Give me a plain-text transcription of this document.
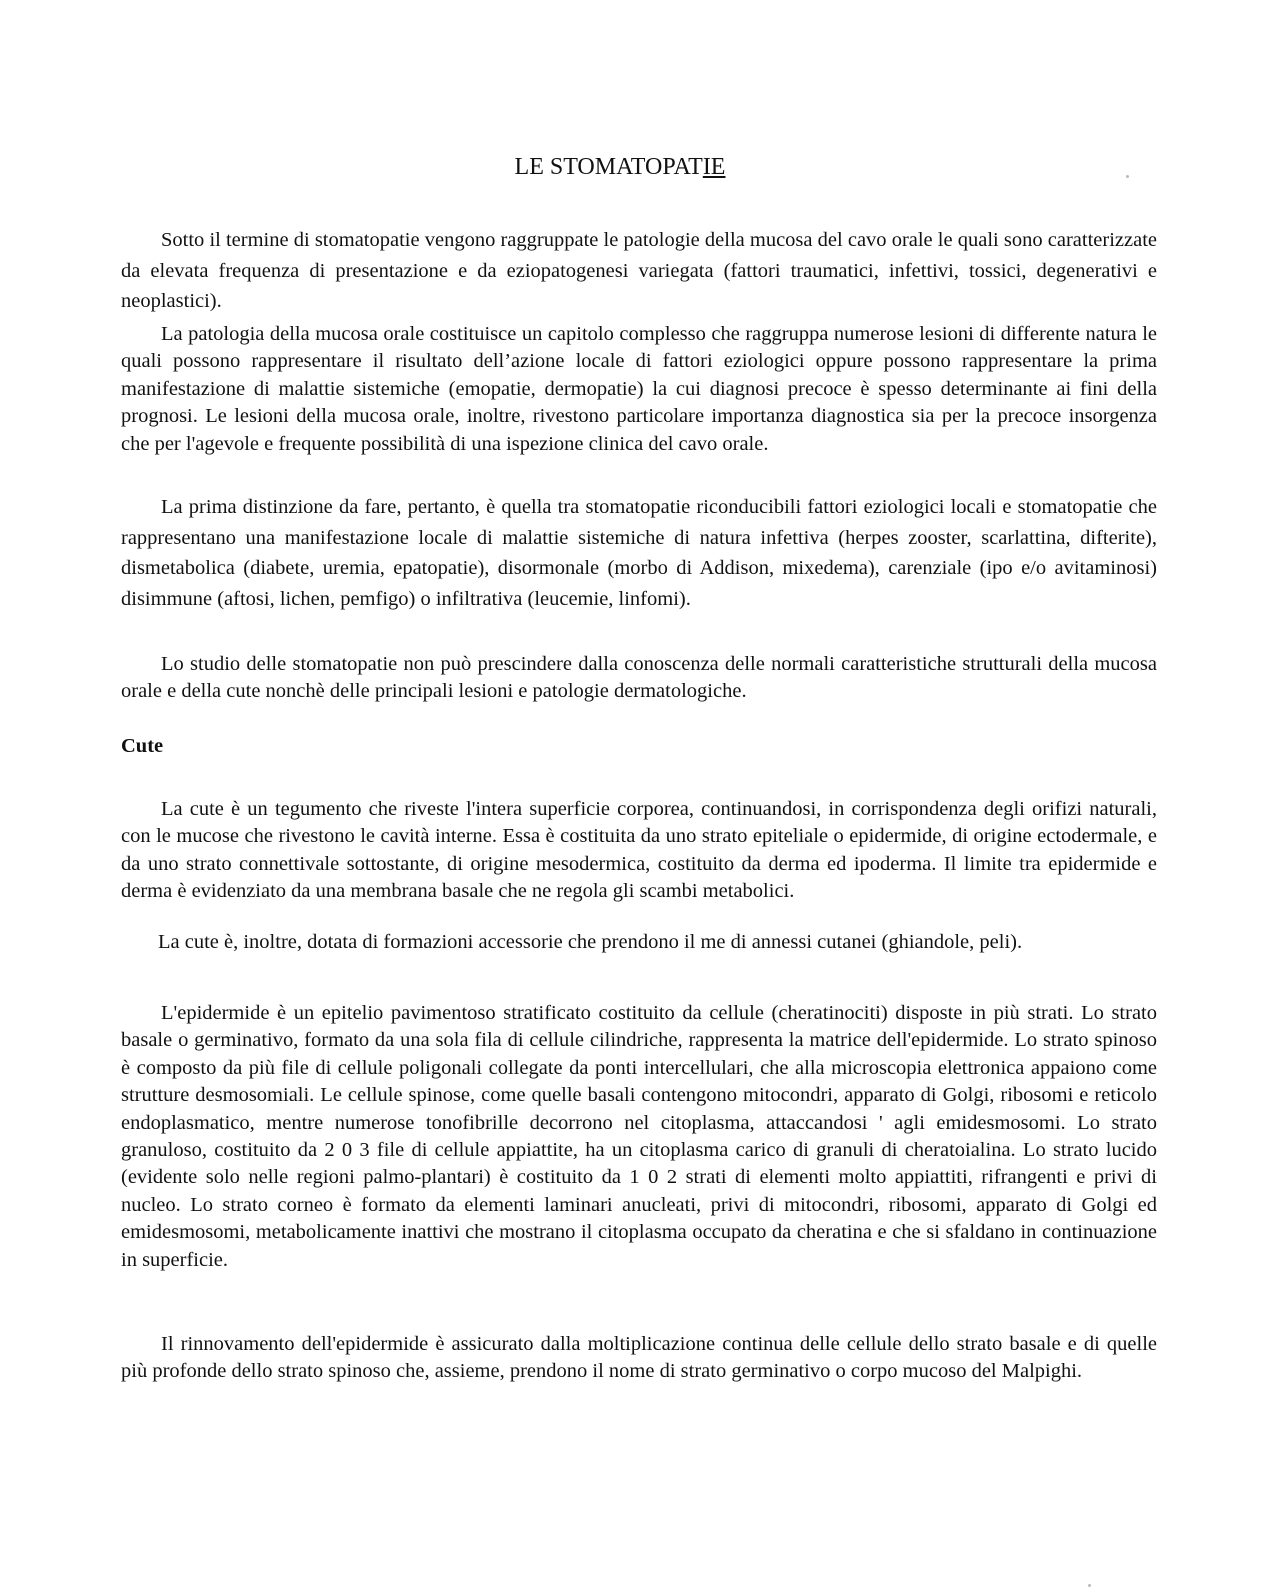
LE STOMATOPATIE

Sotto il termine di stomatopatie vengono raggruppate le patologie della mucosa del cavo orale le quali sono caratterizzate da elevata frequenza di presentazione e da eziopatogenesi variegata (fattori traumatici, infettivi, tossici, degenerativi e neoplastici).

La patologia della mucosa orale costituisce un capitolo complesso che raggruppa numerose lesioni di differente natura le quali possono rappresentare il risultato dell’azione locale di fattori eziologici oppure possono rappresentare la prima manifestazione di malattie sistemiche (emopatie, dermopatie) la cui diagnosi precoce è spesso determinante ai fini della prognosi. Le lesioni della mucosa orale, inoltre, rivestono particolare importanza diagnostica sia per la precoce insorgenza che per l'agevole e frequente possibilità di una ispezione clinica del cavo orale.

La prima distinzione da fare, pertanto, è quella tra stomatopatie riconducibili fattori eziologici locali e stomatopatie che rappresentano una manifestazione locale di malattie sistemiche di natura infettiva (herpes zooster, scarlattina, difterite), dismetabolica (diabete, uremia, epatopatie), disormonale (morbo di Addison, mixedema), carenziale (ipo e/o avitaminosi) disimmune (aftosi, lichen, pemfigo) o infiltrativa (leucemie, linfomi).

Lo studio delle stomatopatie non può prescindere dalla conoscenza delle normali caratteristiche strutturali della mucosa orale e della cute nonchè delle principali lesioni e patologie dermatologiche.

Cute

La cute è un tegumento che riveste l'intera superficie corporea, continuandosi, in corrispondenza degli orifizi naturali, con le mucose che rivestono le cavità interne. Essa è costituita da uno strato epiteliale o epidermide, di origine ectodermale, e da uno strato connettivale sottostante, di origine mesodermica, costituito da derma ed ipoderma. Il limite tra epidermide e derma è evidenziato da una membrana basale che ne regola gli scambi metabolici.

La cute è, inoltre, dotata di formazioni accessorie che prendono il me di annessi cutanei (ghiandole, peli).

L'epidermide è un epitelio pavimentoso stratificato costituito da cellule (cheratinociti) disposte in più strati. Lo strato basale o germinativo, formato da una sola fila di cellule cilindriche, rappresenta la matrice dell'epidermide. Lo strato spinoso è composto da più file di cellule poligonali collegate da ponti intercellulari, che alla microscopia elettronica appaiono come strutture desmosomiali. Le cellule spinose, come quelle basali contengono mitocondri, apparato di Golgi, ribosomi e reticolo endoplasmatico, mentre numerose tonofibrille decorrono nel citoplasma, attaccandosi ' agli emidesmosomi. Lo strato granuloso, costituito da 2 0 3 file di cellule appiattite, ha un citoplasma carico di granuli di cheratoialina. Lo strato lucido (evidente solo nelle regioni palmo-plantari) è costituito da 1 0 2 strati di elementi molto appiattiti, rifrangenti e privi di nucleo. Lo strato corneo è formato da elementi laminari anucleati, privi di mitocondri, ribosomi, apparato di Golgi ed emidesmosomi, metabolicamente inattivi che mostrano il citoplasma occupato da cheratina e che si sfaldano in continuazione in superficie.

Il rinnovamento dell'epidermide è assicurato dalla moltiplicazione continua delle cellule dello strato basale e di quelle più profonde dello strato spinoso che, assieme, prendono il nome di strato germinativo o corpo mucoso del Malpighi.
